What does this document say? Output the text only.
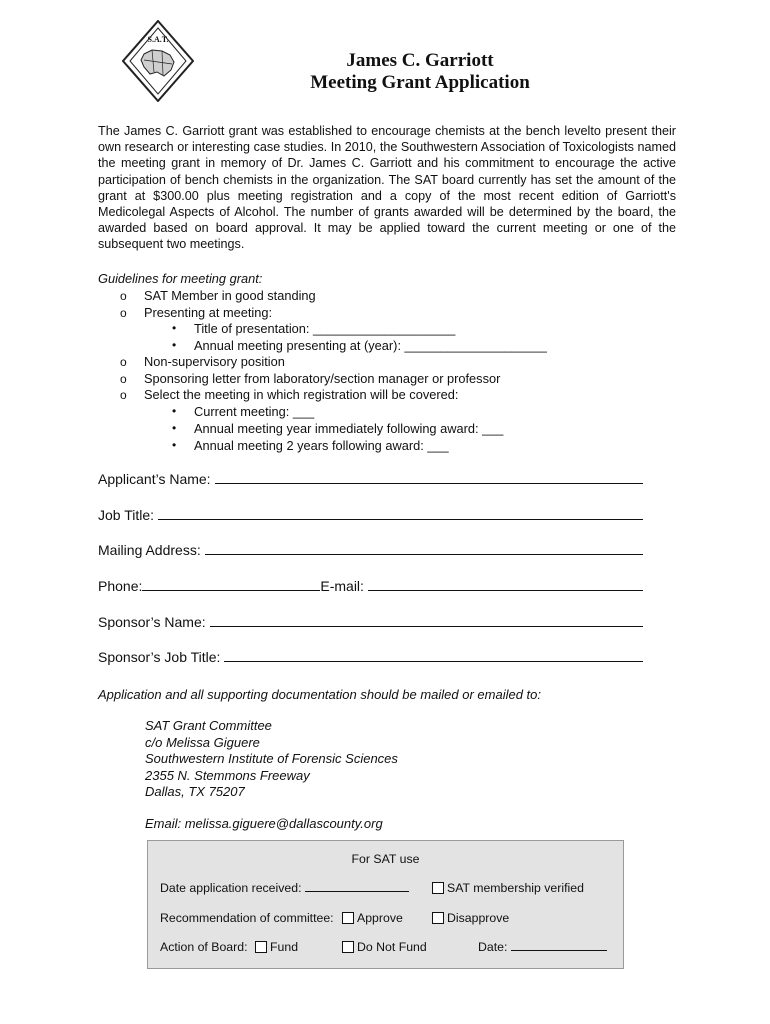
S.A.T.
James C. Garriott
Meeting Grant Application
The James C. Garriott grant was established to encourage chemists at the bench levelto present their own research or interesting case studies. In 2010, the Southwestern Association of Toxicologists named the meeting grant in memory of Dr. James C. Garriott and his commitment to encourage the active participation of bench chemists in the organization. The SAT board currently has set the amount of the grant at $300.00 plus meeting registration and a copy of the most recent edition of Garriott's Medicolegal Aspects of Alcohol. The number of grants awarded will be determined by the board, the awarded based on board approval. It may be applied toward the current meeting or one of the subsequent two meetings.
Guidelines for meeting grant:
o SAT Member in good standing
o Presenting at meeting:
• Title of presentation: ____________________
• Annual meeting presenting at (year): ____________________
o Non-supervisory position
o Sponsoring letter from laboratory/section manager or professor
o Select the meeting in which registration will be covered:
• Current meeting: ___
• Annual meeting year immediately following award: ___
• Annual meeting 2 years following award: ___
Applicant’s Name:
Job Title:
Mailing Address:
Phone:	E-mail:
Sponsor’s Name:
Sponsor’s Job Title:
Application and all supporting documentation should be mailed or emailed to:
SAT Grant Committee
c/o Melissa Giguere
Southwestern Institute of Forensic Sciences
2355 N. Stemmons Freeway
Dallas, TX 75207
Email: melissa.giguere@dallascounty.org
For SAT use
Date application received:	SAT membership verified
Recommendation of committee:	Approve	Disapprove
Action of Board:	Fund	Do Not Fund	Date:
